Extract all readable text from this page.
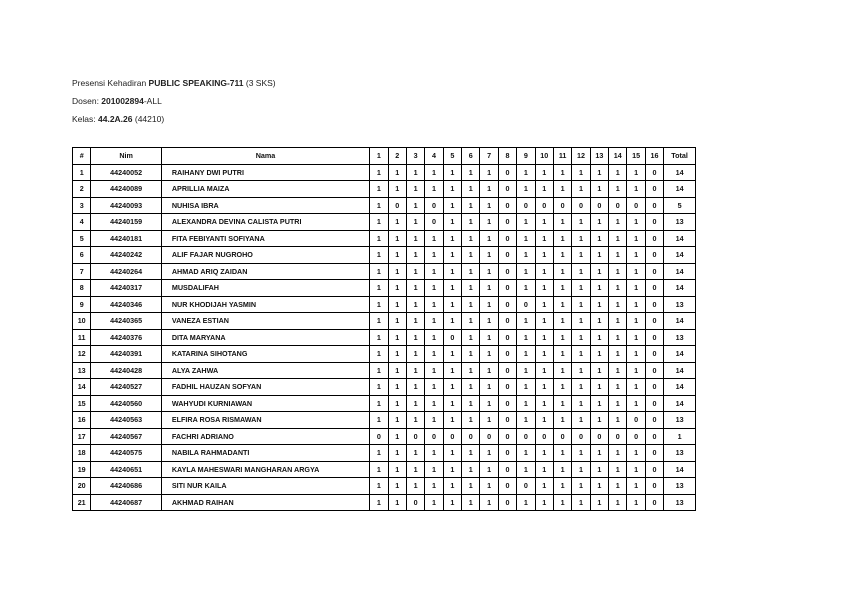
Presensi Kehadiran PUBLIC SPEAKING-711 (3 SKS)
Dosen: 201002894-ALL
Kelas: 44.2A.26 (44210)
#	Nim	Nama	1	2	3	4	5	6	7	8	9	10	11	12	13	14	15	16	Total
1	44240052	RAIHANY DWI PUTRI	1	1	1	1	1	1	1	0	1	1	1	1	1	1	1	0	14
2	44240089	APRILLIA MAIZA	1	1	1	1	1	1	1	0	1	1	1	1	1	1	1	0	14
3	44240093	NUHISA IBRA	1	0	1	0	1	1	1	0	0	0	0	0	0	0	0	0	5
4	44240159	ALEXANDRA DEVINA CALISTA PUTRI	1	1	1	0	1	1	1	0	1	1	1	1	1	1	1	0	13
5	44240181	FITA FEBIYANTI SOFIYANA	1	1	1	1	1	1	1	0	1	1	1	1	1	1	1	0	14
6	44240242	ALIF FAJAR NUGROHO	1	1	1	1	1	1	1	0	1	1	1	1	1	1	1	0	14
7	44240264	AHMAD ARIQ ZAIDAN	1	1	1	1	1	1	1	0	1	1	1	1	1	1	1	0	14
8	44240317	MUSDALIFAH	1	1	1	1	1	1	1	0	1	1	1	1	1	1	1	0	14
9	44240346	NUR KHODIJAH YASMIN	1	1	1	1	1	1	1	0	0	1	1	1	1	1	1	0	13
10	44240365	VANEZA ESTIAN	1	1	1	1	1	1	1	0	1	1	1	1	1	1	1	0	14
11	44240376	DITA MARYANA	1	1	1	1	0	1	1	0	1	1	1	1	1	1	1	0	13
12	44240391	KATARINA SIHOTANG	1	1	1	1	1	1	1	0	1	1	1	1	1	1	1	0	14
13	44240428	ALYA ZAHWA	1	1	1	1	1	1	1	0	1	1	1	1	1	1	1	0	14
14	44240527	FADHIL HAUZAN SOFYAN	1	1	1	1	1	1	1	0	1	1	1	1	1	1	1	0	14
15	44240560	WAHYUDI KURNIAWAN	1	1	1	1	1	1	1	0	1	1	1	1	1	1	1	0	14
16	44240563	ELFIRA ROSA RISMAWAN	1	1	1	1	1	1	1	0	1	1	1	1	1	1	0	0	13
17	44240567	FACHRI ADRIANO	0	1	0	0	0	0	0	0	0	0	0	0	0	0	0	0	1
18	44240575	NABILA RAHMADANTI	1	1	1	1	1	1	1	0	1	1	1	1	1	1	1	0	13
19	44240651	KAYLA MAHESWARI MANGHARAN ARGYA	1	1	1	1	1	1	1	0	1	1	1	1	1	1	1	0	14
20	44240686	SITI NUR KAILA	1	1	1	1	1	1	1	0	0	1	1	1	1	1	1	0	13
21	44240687	AKHMAD RAIHAN	1	1	0	1	1	1	1	0	1	1	1	1	1	1	1	0	13
